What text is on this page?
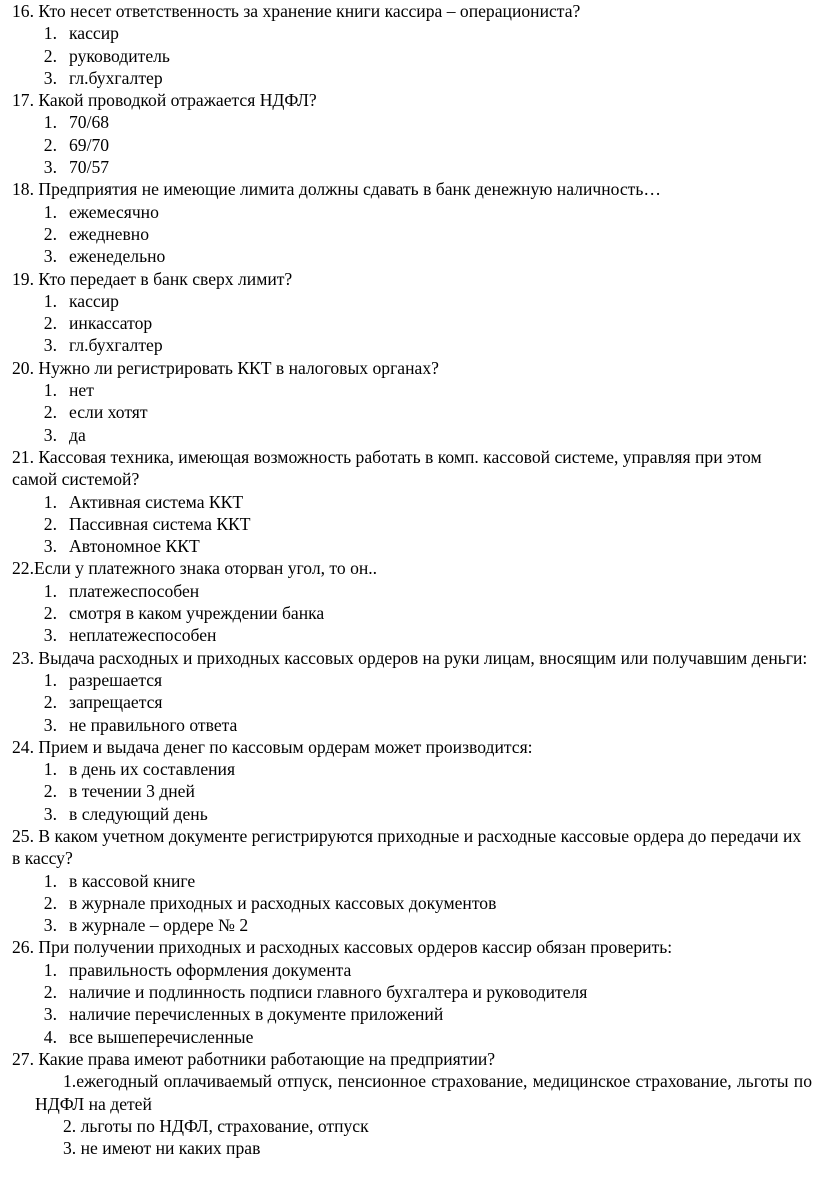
16. Кто несет ответственность за хранение книги кассира – операциониста?
1. кассир
2. руководитель
3. гл.бухгалтер
17. Какой проводкой отражается НДФЛ?
1. 70/68
2. 69/70
3. 70/57
18. Предприятия не имеющие лимита должны сдавать в банк денежную наличность…
1. ежемесячно
2. ежедневно
3. еженедельно
19. Кто передает в банк сверх лимит?
1. кассир
2. инкассатор
3. гл.бухгалтер
20. Нужно ли регистрировать ККТ в налоговых органах?
1. нет
2. если хотят
3. да
21. Кассовая техника, имеющая возможность работать в комп. кассовой системе, управляя при этом самой системой?
1. Активная система ККТ
2. Пассивная система ККТ
3. Автономное ККТ
22.Если у платежного знака оторван угол, то он..
1. платежеспособен
2. смотря в каком учреждении банка
3. неплатежеспособен
23. Выдача расходных и приходных кассовых ордеров на руки лицам, вносящим или получавшим деньги:
1. разрешается
2. запрещается
3. не правильного ответа
24. Прием и выдача денег по кассовым ордерам может производится:
1. в день их составления
2. в течении 3 дней
3. в следующий день
25. В каком учетном документе регистрируются приходные и расходные кассовые ордера до передачи их в кассу?
1. в кассовой книге
2. в журнале приходных и расходных кассовых документов
3. в журнале – ордере № 2
26. При получении приходных и расходных кассовых ордеров кассир обязан проверить:
1. правильность оформления документа
2. наличие и подлинность подписи главного бухгалтера и руководителя
3. наличие перечисленных в документе приложений
4. все вышеперечисленные
27. Какие права имеют работники работающие на предприятии?
1.ежегодный оплачиваемый отпуск, пенсионное страхование, медицинское страхование, льготы по НДФЛ на детей
2. льготы по НДФЛ, страхование, отпуск
3. не имеют ни каких прав
